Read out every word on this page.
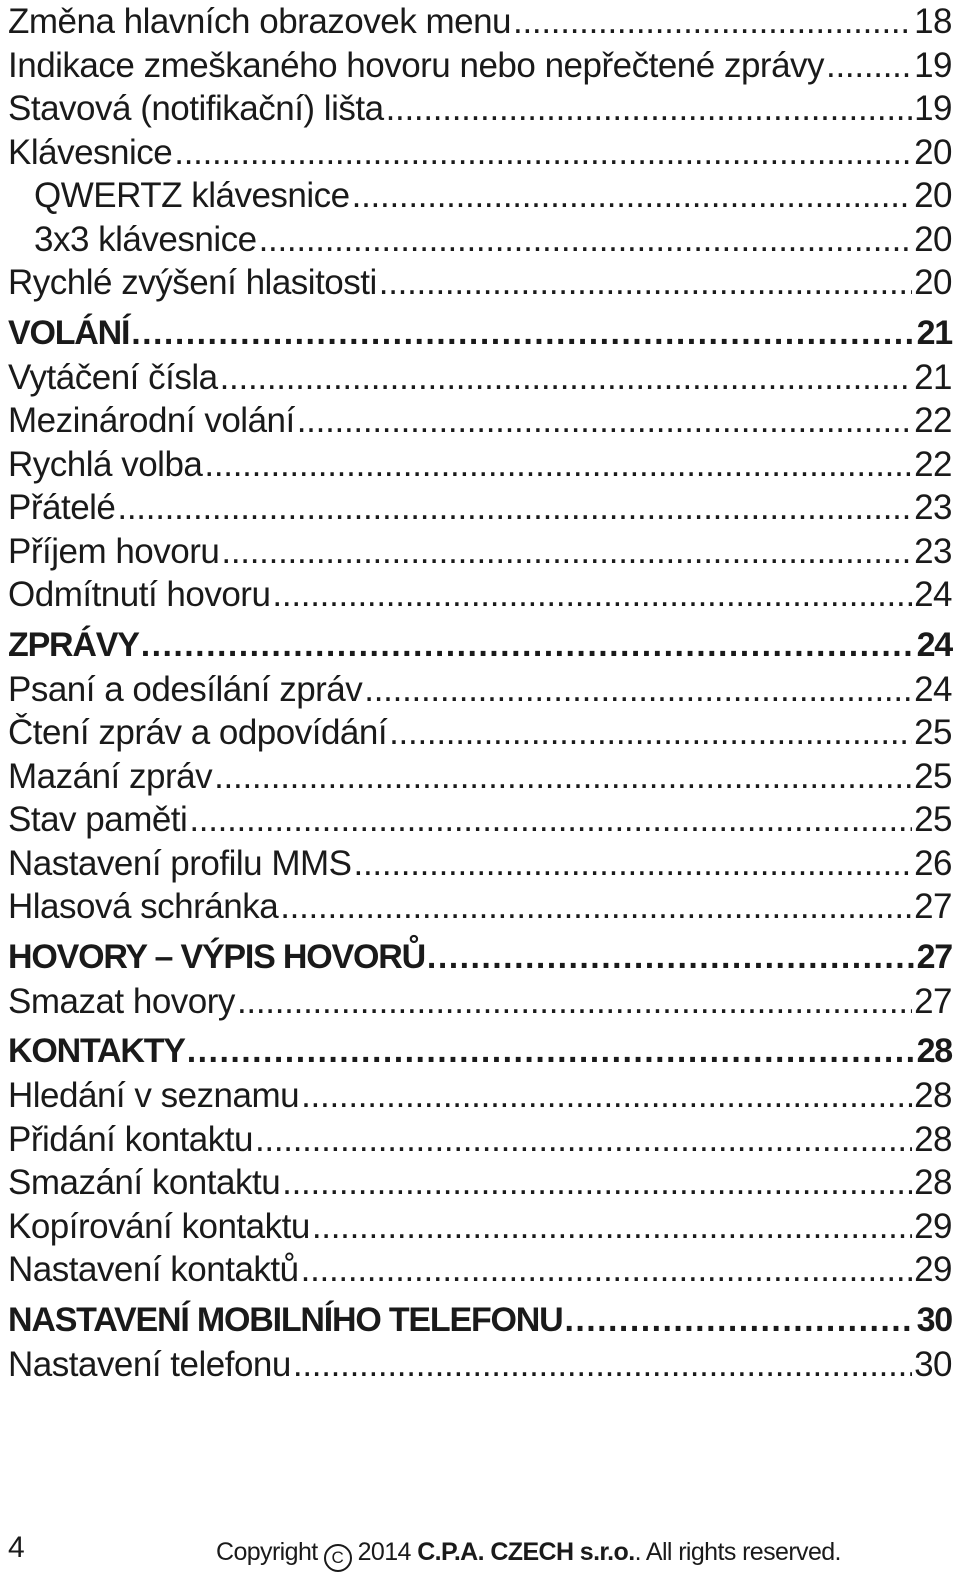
Změna hlavních obrazovek menu . . .	18
Indikace zmeškaného hovoru nebo nepřečtené zprávy . . .	19
Stavová (notifikační) lišta . . .	19
Klávesnice . . .	20
QWERTZ klávesnice . . .	20
3x3 klávesnice . . .	20
Rychlé zvýšení hlasitosti . . .	20
VOLÁNÍ . . .	21
Vytáčení čísla . . .	21
Mezinárodní volání . . .	22
Rychlá volba . . .	22
Přátelé . . .	23
Příjem hovoru . . .	23
Odmítnutí hovoru . . .	24
ZPRÁVY . . .	24
Psaní a odesílání zpráv . . .	24
Čtení zpráv a odpovídání . . .	25
Mazání zpráv . . .	25
Stav paměti . . .	25
Nastavení profilu MMS . . .	26
Hlasová schránka . . .	27
HOVORY – VÝPIS HOVORŮ . . .	27
Smazat hovory . . .	27
KONTAKTY . . .	28
Hledání v seznamu . . .	28
Přidání kontaktu . . .	28
Smazání kontaktu . . .	28
Kopírování kontaktu . . .	29
Nastavení kontaktů . . .	29
NASTAVENÍ MOBILNÍHO TELEFONU . . .	30
Nastavení telefonu . . .	30
4	Copyright C 2014 C.P.A. CZECH s.r.o.. All rights reserved.
